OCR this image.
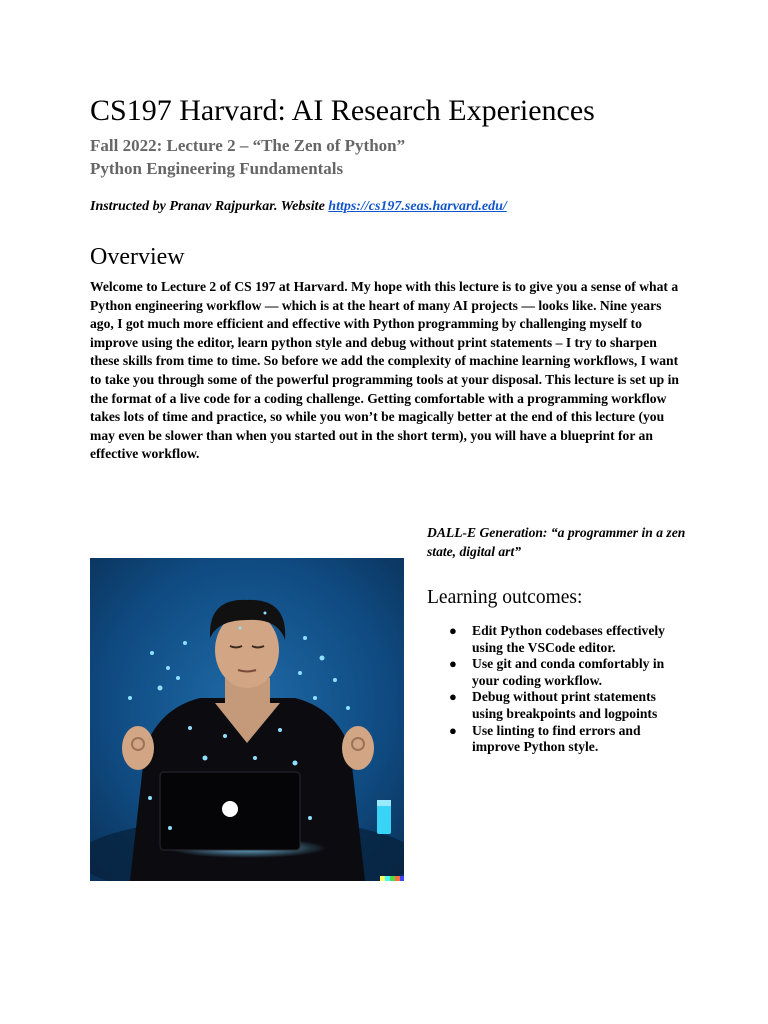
CS197 Harvard: AI Research Experiences
Fall 2022: Lecture 2 – “The Zen of Python”
Python Engineering Fundamentals
Instructed by Pranav Rajpurkar. Website https://cs197.seas.harvard.edu/
Overview

Welcome to Lecture 2 of CS 197 at Harvard. My hope with this lecture is to give you a sense of what a Python engineering workflow — which is at the heart of many AI projects — looks like. Nine years ago, I got much more efficient and effective with Python programming by challenging myself to improve using the editor, learn python style and debug without print statements – I try to sharpen these skills from time to time. So before we add the complexity of machine learning workflows, I want to take you through some of the powerful programming tools at your disposal. This lecture is set up in the format of a live code for a coding challenge. Getting comfortable with a programming workflow takes lots of time and practice, so while you won’t be magically better at the end of this lecture (you may even be slower than when you started out in the short term), you will have a blueprint for an effective workflow.

DALL-E Generation: “a programmer in a zen state, digital art”

Learning outcomes:
● Edit Python codebases effectively using the VSCode editor.
● Use git and conda comfortably in your coding workflow.
● Debug without print statements using breakpoints and logpoints
● Use linting to find errors and improve Python style.
